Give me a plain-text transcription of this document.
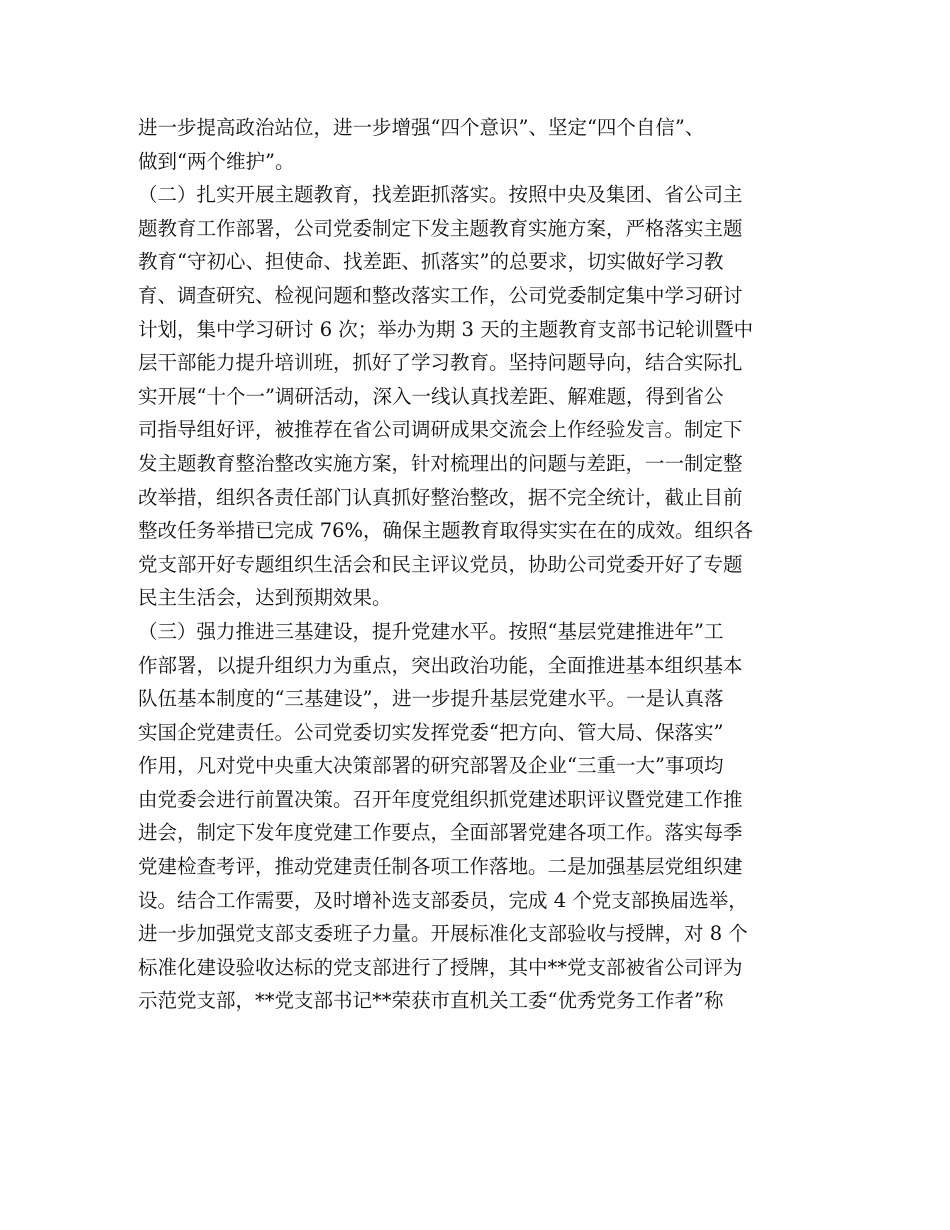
进一步提高政治站位，进一步增强“四个意识”、坚定“四个自信”、
做到“两个维护”。
（二）扎实开展主题教育，找差距抓落实。按照中央及集团、省公司主
题教育工作部署，公司党委制定下发主题教育实施方案，严格落实主题
教育“守初心、担使命、找差距、抓落实”的总要求，切实做好学习教
育、调查研究、检视问题和整改落实工作，公司党委制定集中学习研讨
计划，集中学习研讨 6 次；举办为期 3 天的主题教育支部书记轮训暨中
层干部能力提升培训班，抓好了学习教育。坚持问题导向，结合实际扎
实开展“十个一”调研活动，深入一线认真找差距、解难题，得到省公
司指导组好评，被推荐在省公司调研成果交流会上作经验发言。制定下
发主题教育整治整改实施方案，针对梳理出的问题与差距，一一制定整
改举措，组织各责任部门认真抓好整治整改，据不完全统计，截止目前
整改任务举措已完成 76%，确保主题教育取得实实在在的成效。组织各
党支部开好专题组织生活会和民主评议党员，协助公司党委开好了专题
民主生活会，达到预期效果。
（三）强力推进三基建设，提升党建水平。按照“基层党建推进年”工
作部署，以提升组织力为重点，突出政治功能，全面推进基本组织基本
队伍基本制度的“三基建设”，进一步提升基层党建水平。一是认真落
实国企党建责任。公司党委切实发挥党委“把方向、管大局、保落实”
作用，凡对党中央重大决策部署的研究部署及企业“三重一大”事项均
由党委会进行前置决策。召开年度党组织抓党建述职评议暨党建工作推
进会，制定下发年度党建工作要点，全面部署党建各项工作。落实每季
党建检查考评，推动党建责任制各项工作落地。二是加强基层党组织建
设。结合工作需要，及时增补选支部委员，完成 4 个党支部换届选举，
进一步加强党支部支委班子力量。开展标准化支部验收与授牌，对 8 个
标准化建设验收达标的党支部进行了授牌，其中**党支部被省公司评为
示范党支部，**党支部书记**荣获市直机关工委“优秀党务工作者”称
